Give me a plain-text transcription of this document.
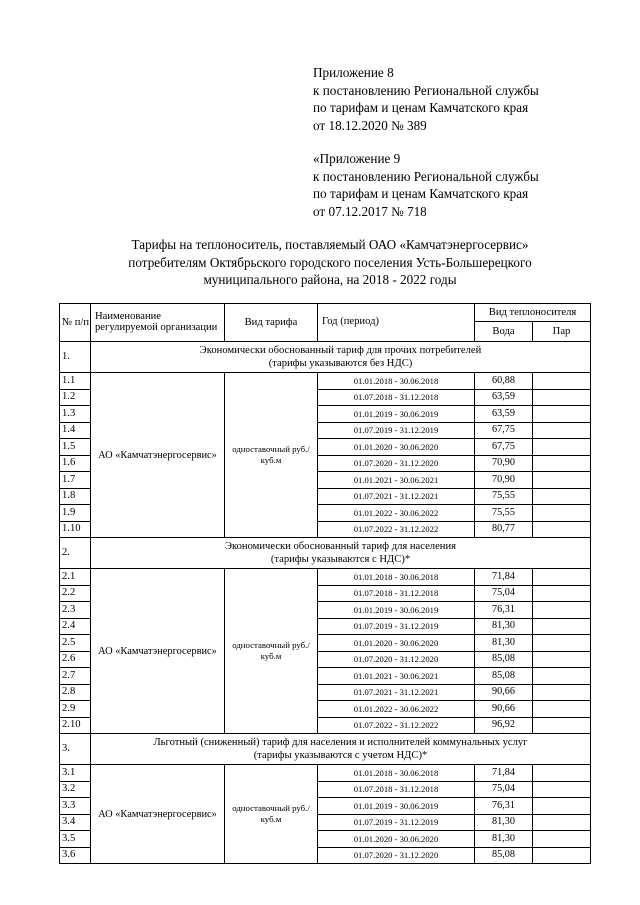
Приложение 8
к постановлению Региональной службы
по тарифам и ценам Камчатского края
от 18.12.2020 № 389
«Приложение 9
к постановлению Региональной службы
по тарифам и ценам Камчатского края
от 07.12.2017 № 718
Тарифы на теплоноситель, поставляемый ОАО «Камчатэнергосервис»
потребителям Октябрьского городского поселения Усть-Большерецкого
муниципального района, на 2018 - 2022 годы
№ п/п	Наименование регулируемой организации	Вид тарифа	Год (период)	Вид теплоносителя	
				Вода	Пар
1.	Экономически обоснованный тариф для прочих потребителей
(тарифы указываются без НДС)				

1.1	АО «Камчатэнергосервис»	одноставочный руб./куб.м	01.01.2018 - 30.06.2018	60,88	
1.2			01.07.2018 - 31.12.2018	63,59	
1.3			01.01.2019 - 30.06.2019	63,59	
1.4			01.07.2019 - 31.12.2019	67,75	
1.5			01.01.2020 - 30.06.2020	67,75	
1.6			01.07.2020 - 31.12.2020	70,90	
1.7			01.01.2021 - 30.06.2021	70,90	
1.8			01.07.2021 - 31.12.2021	75,55	
1.9			01.01.2022 - 30.06.2022	75,55	
1.10			01.07.2022 - 31.12.2022	80,77	
2.	Экономически обоснованный тариф для населения
(тарифы указываются с НДС)*				

2.1	АО «Камчатэнергосервис»	одноставочный руб./куб.м	01.01.2018 - 30.06.2018	71,84	
2.2			01.07.2018 - 31.12.2018	75,04	
2.3			01.01.2019 - 30.06.2019	76,31	
2.4			01.07.2019 - 31.12.2019	81,30	
2.5			01.01.2020 - 30.06.2020	81,30	
2.6			01.07.2020 - 31.12.2020	85,08	
2.7			01.01.2021 - 30.06.2021	85,08	
2.8			01.07.2021 - 31.12.2021	90,66	
2.9			01.01.2022 - 30.06.2022	90,66	
2.10			01.07.2022 - 31.12.2022	96,92	
3.	Льготный (сниженный) тариф для населения и исполнителей коммунальных услуг
(тарифы указываются с учетом НДС)*				

3.1	АО «Камчатэнергосервис»	одноставочный руб./куб.м	01.01.2018 - 30.06.2018	71,84	
3.2			01.07.2018 - 31.12.2018	75,04	
3.3			01.01.2019 - 30.06.2019	76,31	
3.4			01.07.2019 - 31.12.2019	81,30	
3.5			01.01.2020 - 30.06.2020	81,30	
3.6			01.07.2020 - 31.12.2020	85,08	
